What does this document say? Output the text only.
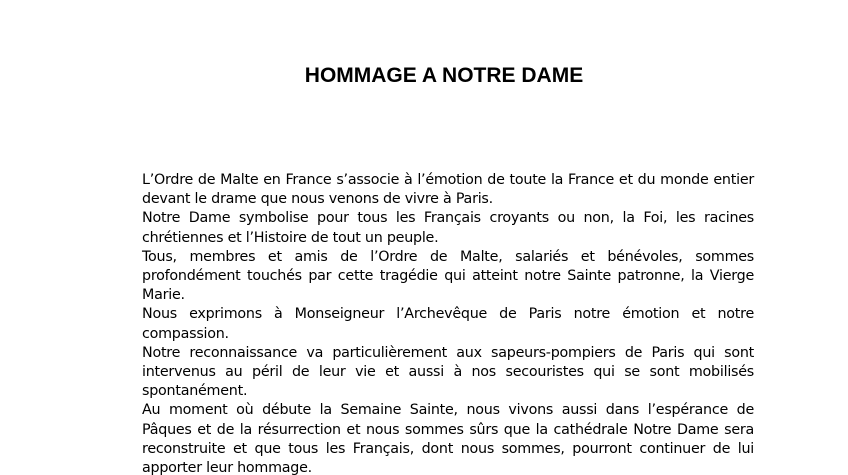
HOMMAGE A NOTRE DAME

L’Ordre de Malte en France s’associe à l’émotion de toute la France et du monde entier devant le drame que nous venons de vivre à Paris.

Notre Dame symbolise pour tous les Français croyants ou non, la Foi, les racines chrétiennes et l’Histoire de tout un peuple.

Tous, membres et amis de l’Ordre de Malte, salariés et bénévoles, sommes profondément touchés par cette tragédie qui atteint notre Sainte patronne, la Vierge Marie.

Nous exprimons à Monseigneur l’Archevêque de Paris notre émotion et notre compassion.

Notre reconnaissance va particulièrement aux sapeurs-pompiers de Paris qui sont intervenus au péril de leur vie et aussi à nos secouristes qui se sont mobilisés spontanément.

Au moment où débute la Semaine Sainte, nous vivons aussi dans l’espérance de Pâques et de la résurrection et nous sommes sûrs que la cathédrale Notre Dame sera reconstruite et que tous les Français, dont nous sommes, pourront continuer de lui apporter leur hommage.
